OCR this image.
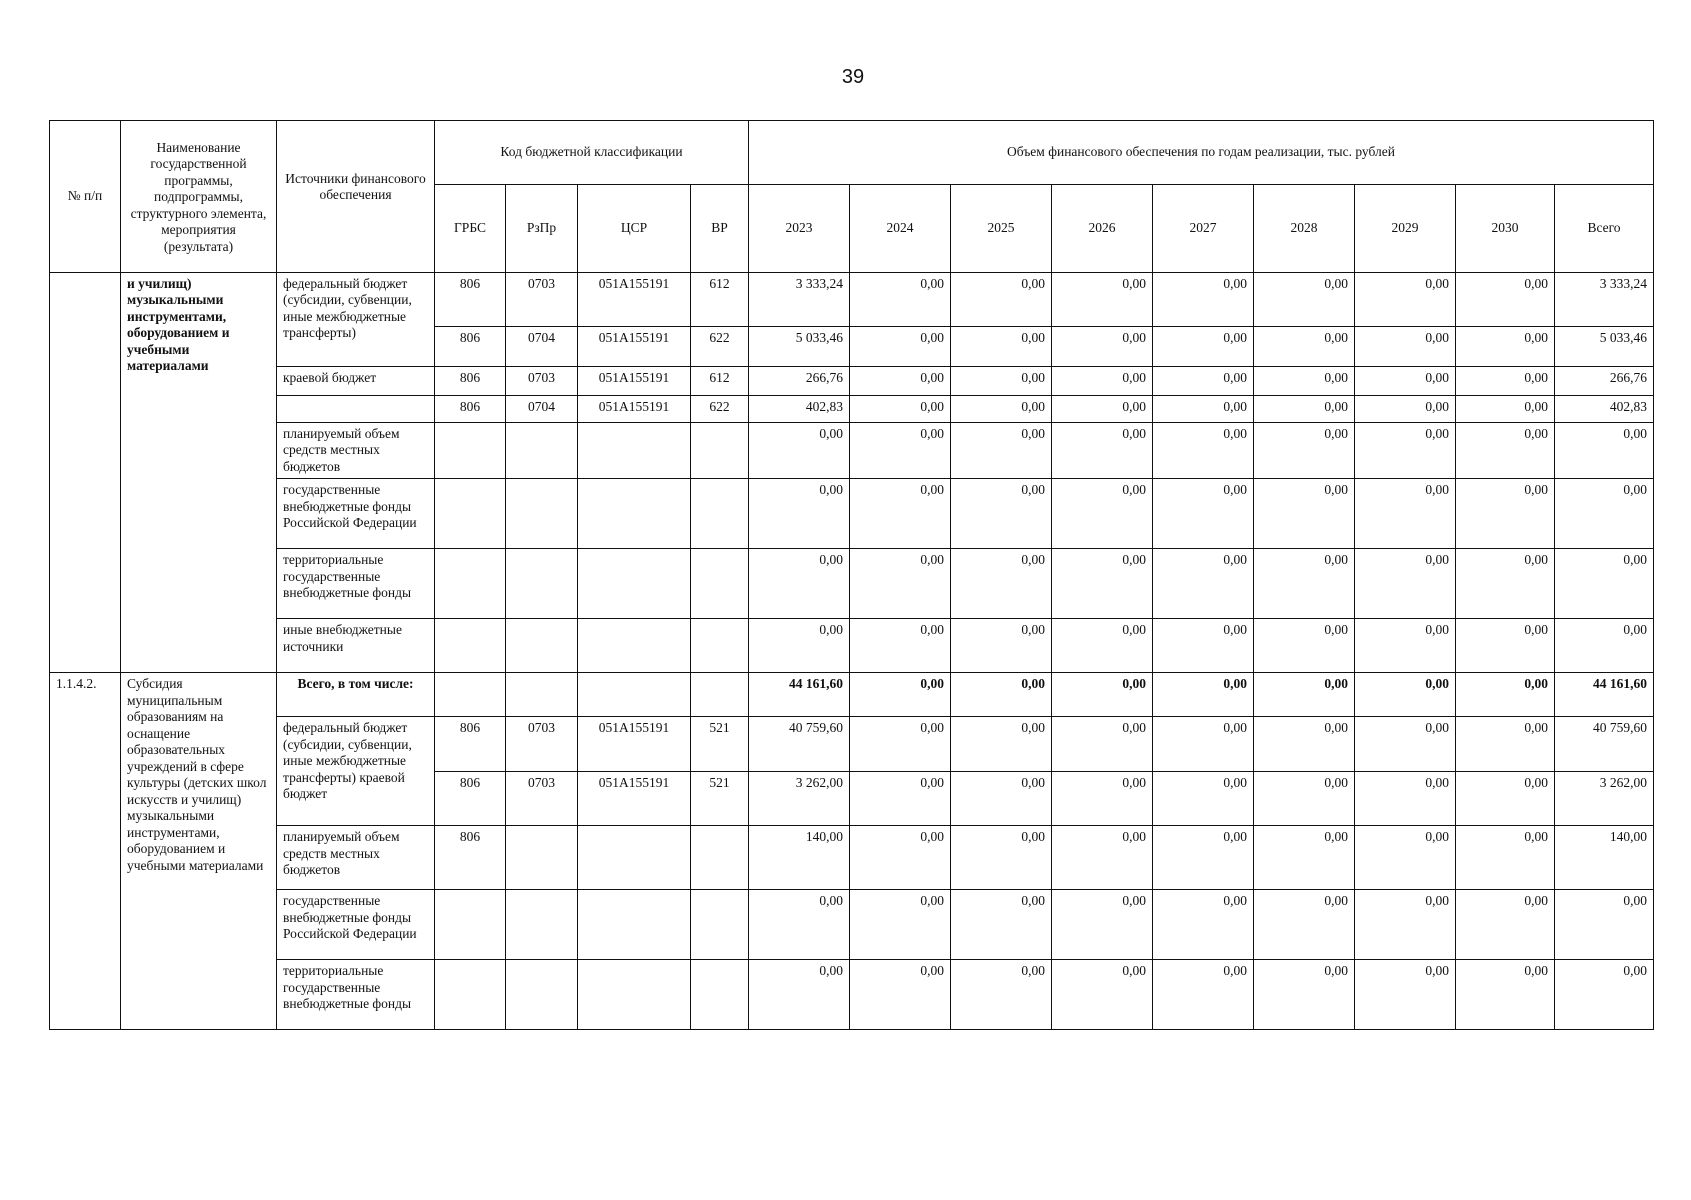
39
№ п/п	Наименование государственной программы, подпрограммы, структурного элемента, мероприятия (результата)	Источники финансового обеспечения	Код бюджетной классификации				Объем финансового обеспечения по годам реализации, тыс. рублей								
			ГРБС	РзПр	ЦСР	ВР	2023	2024	2025	2026	2027	2028	2029	2030	Всего
	и училищ) музыкальными инструментами, оборудованием и учебными материалами	федеральный бюджет (субсидии, субвенции, иные межбюджетные трансферты)	806	0703	051A155191	612	3 333,24	0,00	0,00	0,00	0,00	0,00	0,00	0,00	3 333,24
			806	0704	051A155191	622	5 033,46	0,00	0,00	0,00	0,00	0,00	0,00	0,00	5 033,46
		краевой бюджет	806	0703	051A155191	612	266,76	0,00	0,00	0,00	0,00	0,00	0,00	0,00	266,76
			806	0704	051A155191	622	402,83	0,00	0,00	0,00	0,00	0,00	0,00	0,00	402,83
		планируемый объем средств местных бюджетов					0,00	0,00	0,00	0,00	0,00	0,00	0,00	0,00	0,00
		государственные внебюджетные фонды Российской Федерации					0,00	0,00	0,00	0,00	0,00	0,00	0,00	0,00	0,00
		территориальные государственные внебюджетные фонды					0,00	0,00	0,00	0,00	0,00	0,00	0,00	0,00	0,00
		иные внебюджетные источники					0,00	0,00	0,00	0,00	0,00	0,00	0,00	0,00	0,00
1.1.4.2.	Субсидия муниципальным образованиям на оснащение образовательных учреждений в сфере культуры (детских школ искусств и училищ) музыкальными инструментами, оборудованием и учебными материалами	Всего, в том числе:					44 161,60	0,00	0,00	0,00	0,00	0,00	0,00	0,00	44 161,60
		федеральный бюджет (субсидии, субвенции, иные межбюджетные трансферты) краевой бюджет	806	0703	051A155191	521	40 759,60	0,00	0,00	0,00	0,00	0,00	0,00	0,00	40 759,60
			806	0703	051A155191	521	3 262,00	0,00	0,00	0,00	0,00	0,00	0,00	0,00	3 262,00
		планируемый объем средств местных бюджетов	806				140,00	0,00	0,00	0,00	0,00	0,00	0,00	0,00	140,00
		государственные внебюджетные фонды Российской Федерации					0,00	0,00	0,00	0,00	0,00	0,00	0,00	0,00	0,00
		территориальные государственные внебюджетные фонды					0,00	0,00	0,00	0,00	0,00	0,00	0,00	0,00	0,00
